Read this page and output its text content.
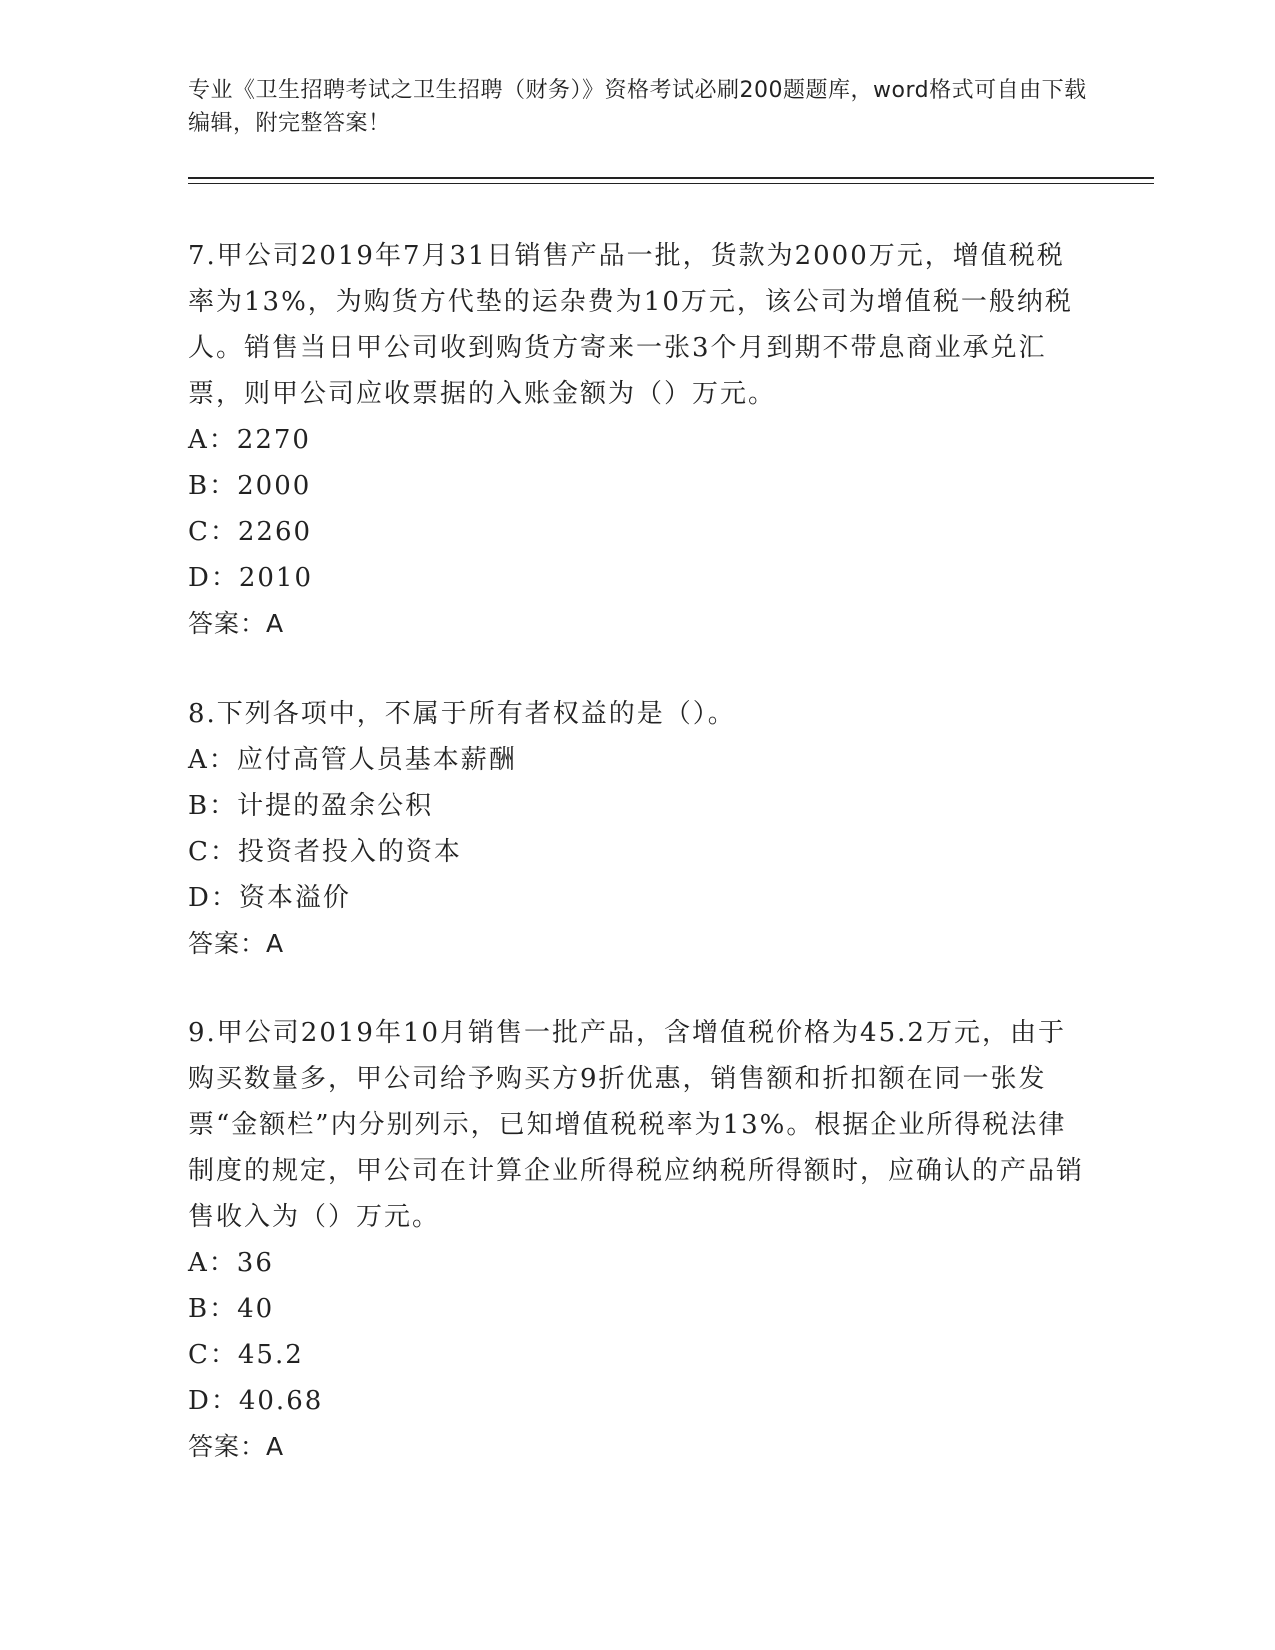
专业《卫生招聘考试之卫生招聘（财务）》资格考试必刷200题题库，word格式可自由下载编辑，附完整答案！

7.甲公司2019年7月31日销售产品一批，货款为2000万元，增值税税率为13%，为购货方代垫的运杂费为10万元，该公司为增值税一般纳税人。销售当日甲公司收到购货方寄来一张3个月到期不带息商业承兑汇票，则甲公司应收票据的入账金额为（）万元。

A：2270

B：2000

C：2260

D：2010

答案：A

8.下列各项中，不属于所有者权益的是（）。

A：应付高管人员基本薪酬

B：计提的盈余公积

C：投资者投入的资本

D：资本溢价

答案：A

9.甲公司2019年10月销售一批产品，含增值税价格为45.2万元，由于购买数量多，甲公司给予购买方9折优惠，销售额和折扣额在同一张发票“金额栏”内分别列示，已知增值税税率为13%。根据企业所得税法律制度的规定，甲公司在计算企业所得税应纳税所得额时，应确认的产品销售收入为（）万元。

A：36

B：40

C：45.2

D：40.68

答案：A
